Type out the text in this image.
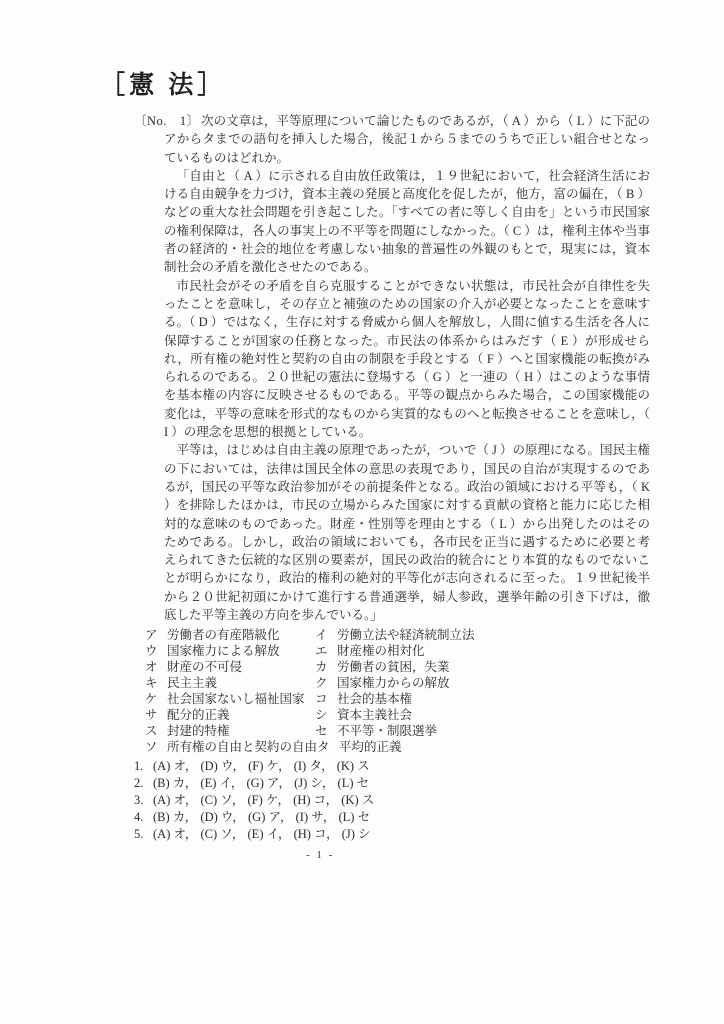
［憲 法］
〔No.　1〕 次の文章は，平等原理について論じたものであるが，（ A ）から（ L ）に下記のアからタまでの語句を挿入した場合，後記１から５までのうちで正しい組合せとなっているものはどれか。

「自由と（ A ）に示される自由放任政策は，１９世紀において，社会経済生活における自由競争を力づけ，資本主義の発展と高度化を促したが，他方，富の偏在，（ B ）などの重大な社会問題を引き起こした。「すべての者に等しく自由を」という市民国家の権利保障は，各人の事実上の不平等を問題にしなかった。（ C ）は，権利主体や当事者の経済的・社会的地位を考慮しない抽象的普遍性の外観のもとで，現実には，資本制社会の矛盾を激化させたのである。

市民社会がその矛盾を自ら克服することができない状態は，市民社会が自律性を失ったことを意味し，その存立と補強のための国家の介入が必要となったことを意味する。（ D ）ではなく，生存に対する脅威から個人を解放し，人間に値する生活を各人に保障することが国家の任務となった。市民法の体系からはみだす（ E ）が形成せられ，所有権の絶対性と契約の自由の制限を手段とする（ F ）へと国家機能の転換がみられるのである。２０世紀の憲法に登場する（ G ）と一連の（ H ）はこのような事情を基本権の内容に反映させるものである。平等の観点からみた場合，この国家機能の変化は，平等の意味を形式的なものから実質的なものへと転換させることを意味し，（ I ）の理念を思想的根拠としている。

平等は，はじめは自由主義の原理であったが，ついで（ J ）の原理になる。国民主権の下においては，法律は国民全体の意思の表現であり，国民の自治が実現するのであるが，国民の平等な政治参加がその前提条件となる。政治の領域における平等も，（ K ）を排除したほかは，市民の立場からみた国家に対する貢献の資格と能力に応じた相対的な意味のものであった。財産・性別等を理由とする（ L ）から出発したのはそのためである。しかし，政治の領域においても，各市民を正当に遇するために必要と考えられてきた伝統的な区別の要素が，国民の政治的統合にとり本質的なものでないことが明らかになり，政治的権利の絶対的平等化が志向されるに至った。１９世紀後半から２０世紀初頭にかけて進行する普通選挙，婦人参政，選挙年齢の引き下げは，徹底した平等主義の方向を歩んでいる。」

ア 労働者の有産階級化	イ 労働立法や経済統制立法
ウ 国家権力による解放	エ 財産権の相対化
オ 財産の不可侵	カ 労働者の貧困，失業
キ 民主主義	ク 国家権力からの解放
ケ 社会国家ないし福祉国家 コ 社会的基本権
サ 配分的正義	シ 資本主義社会
ス 封建的特権	セ 不平等・制限選挙
ソ 所有権の自由と契約の自由 タ 平均的正義
1. (A) オ， (D) ウ， (F) ケ， (I) タ， (K) ス
2. (B) カ， (E) イ， (G) ア， (J) シ， (L) セ
3. (A) オ， (C) ソ， (F) ケ， (H) コ， (K) ス
4. (B) カ， (D) ウ， (G) ア， (I) サ， (L) セ
5. (A) オ， (C) ソ， (E) イ， (H) コ， (J) シ
- 1 -
